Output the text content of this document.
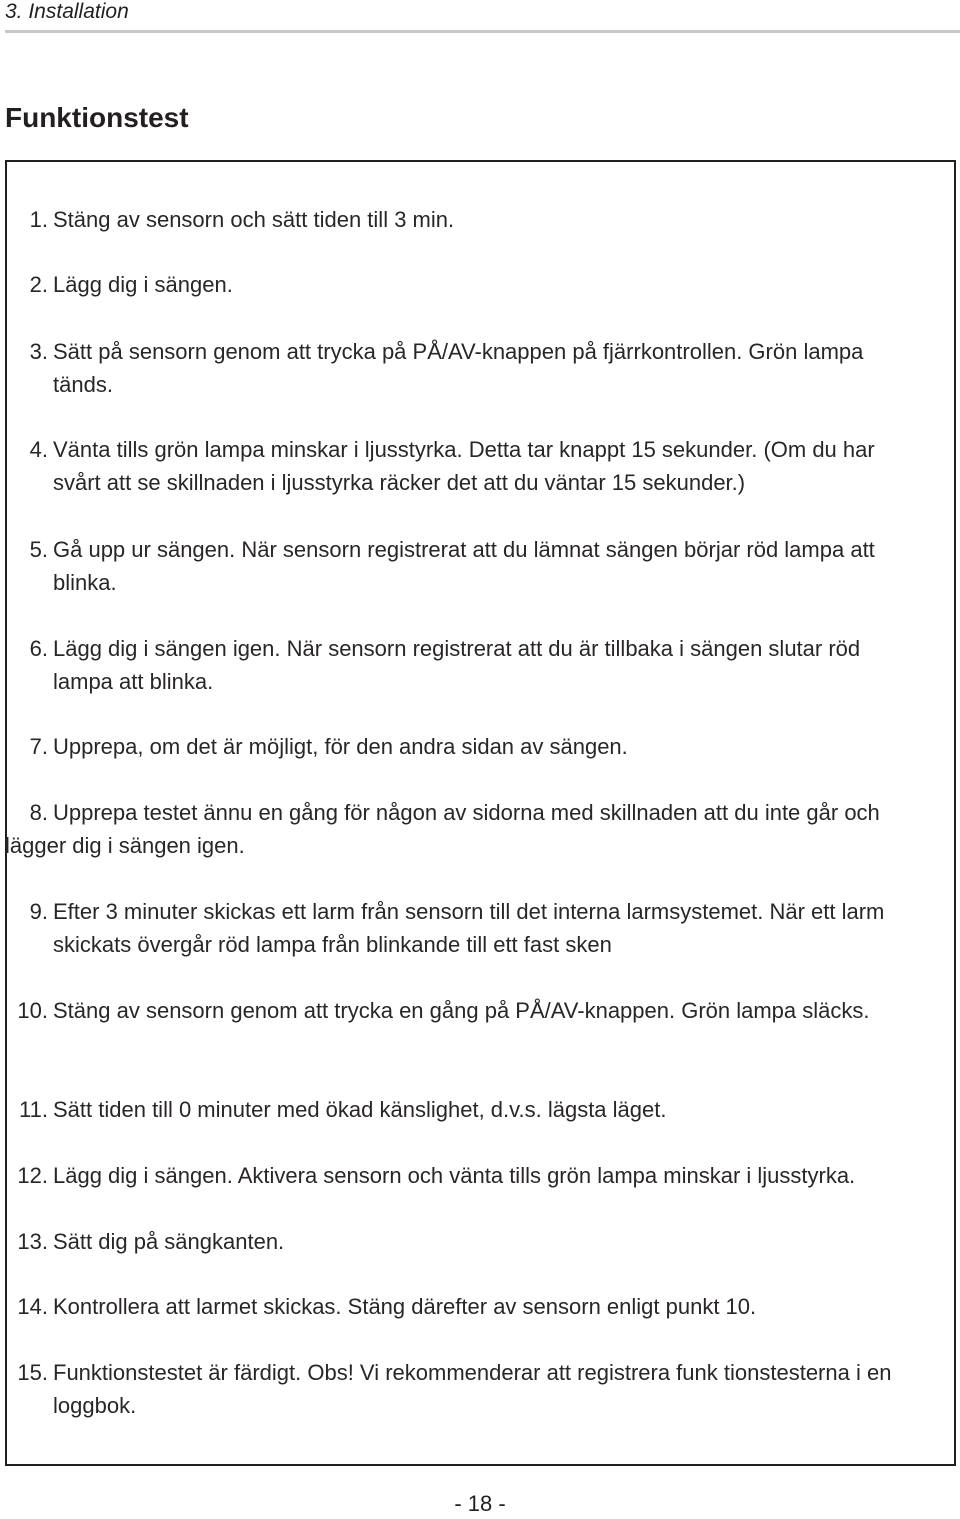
3. Installation
Funktionstest
1. Stäng av sensorn och sätt tiden till 3 min.
2. Lägg dig i sängen.
3. Sätt på sensorn genom att trycka på PÅ/AV-knappen på fjärrkontrollen. Grön lampa tänds.
4. Vänta tills grön lampa minskar i ljusstyrka. Detta tar knappt 15 sekunder. (Om du har svårt att se skillnaden i ljusstyrka räcker det att du väntar 15 sekunder.)
5. Gå upp ur sängen. När sensorn registrerat att du lämnat sängen börjar röd lampa att blinka.
6. Lägg dig i sängen igen. När sensorn registrerat att du är tillbaka i sängen slutar röd lampa att blinka.
7. Upprepa, om det är möjligt, för den andra sidan av sängen.
8. Upprepa testet ännu en gång för någon av sidorna med skillnaden att du inte går och lägger dig i sängen igen.
9. Efter 3 minuter skickas ett larm från sensorn till det interna larmsystemet. När ett larm skickats övergår röd lampa från blinkande till ett fast sken
10. Stäng av sensorn genom att trycka en gång på PÅ/AV-knappen. Grön lampa släcks.
11. Sätt tiden till 0 minuter med ökad känslighet, d.v.s. lägsta läget.
12. Lägg dig i sängen. Aktivera sensorn och vänta tills grön lampa minskar i ljusstyrka.
13. Sätt dig på sängkanten.
14. Kontrollera att larmet skickas. Stäng därefter av sensorn enligt punkt 10.
15. Funktionstestet är färdigt. Obs! Vi rekommenderar att registrera funk tionstesterna i en loggbok.
- 18 -
